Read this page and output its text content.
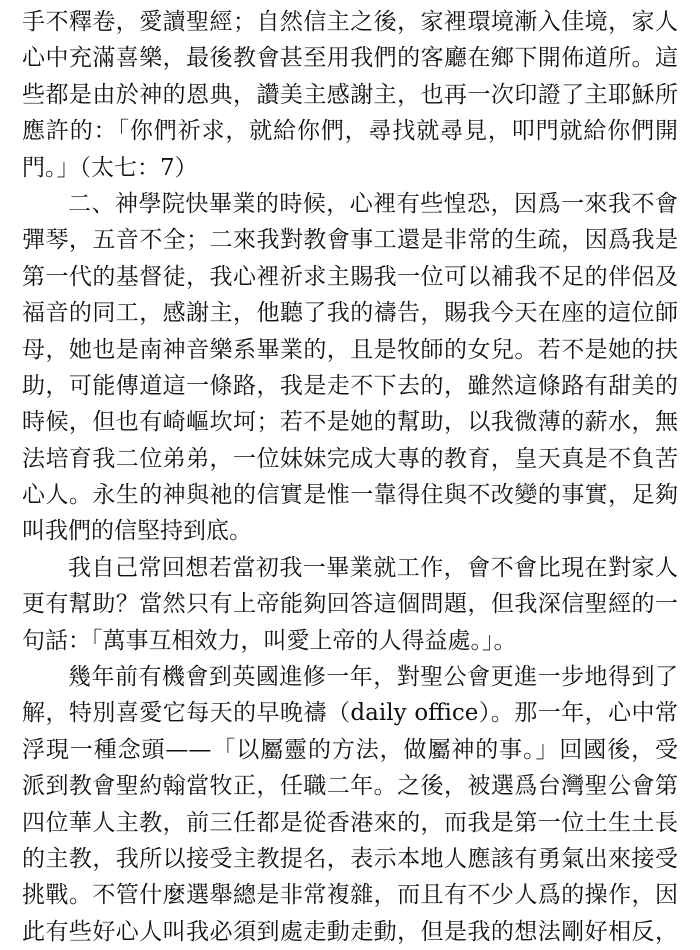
手不釋卷，愛讀聖經；自然信主之後，家裡環境漸入佳境，家人
心中充滿喜樂，最後教會甚至用我們的客廳在鄉下開佈道所。這
些都是由於神的恩典，讚美主感謝主，也再一次印證了主耶穌所
應許的：「你們祈求，就給你們，尋找就尋見，叩門就給你們開
門。」（太七：7）
二、神學院快畢業的時候，心裡有些惶恐，因爲一來我不會
彈琴，五音不全；二來我對教會事工還是非常的生疏，因爲我是
第一代的基督徒，我心裡祈求主賜我一位可以補我不足的伴侶及
福音的同工，感謝主，他聽了我的禱告，賜我今天在座的這位師
母，她也是南神音樂系畢業的，且是牧師的女兒。若不是她的扶
助，可能傳道這一條路，我是走不下去的，雖然這條路有甜美的
時候，但也有崎嶇坎坷；若不是她的幫助，以我微薄的薪水，無
法培育我二位弟弟，一位妹妹完成大專的教育，皇天真是不負苦
心人。永生的神與祂的信實是惟一靠得住與不改變的事實，足夠
叫我們的信堅持到底。
我自己常回想若當初我一畢業就工作，會不會比現在對家人
更有幫助？當然只有上帝能夠回答這個問題，但我深信聖經的一
句話：「萬事互相效力，叫愛上帝的人得益處。」。
幾年前有機會到英國進修一年，對聖公會更進一步地得到了
解，特別喜愛它每天的早晚禱（daily office）。那一年，心中常
浮現一種念頭——「以屬靈的方法，做屬神的事。」回國後，受
派到教會聖約翰當牧正，任職二年。之後，被選爲台灣聖公會第
四位華人主教，前三任都是從香港來的，而我是第一位土生土長
的主教，我所以接受主教提名，表示本地人應該有勇氣出來接受
挑戰。不管什麼選舉總是非常複雜，而且有不少人爲的操作，因
此有些好心人叫我必須到處走動走動，但是我的想法剛好相反，
